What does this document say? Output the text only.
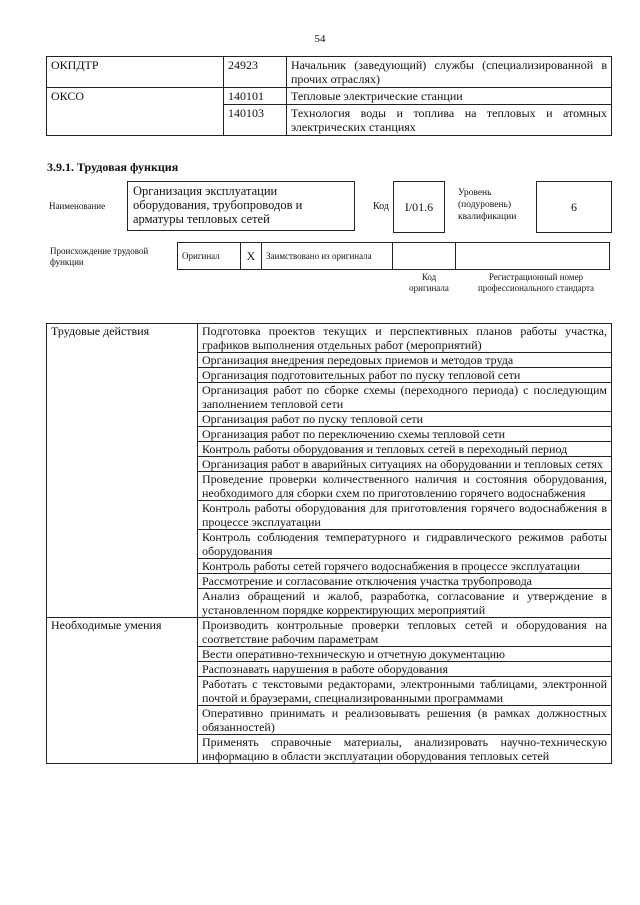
54
ОКПДТР	24923	Начальник (заведующий) службы (специализированной в прочих отраслях)
ОКСО	140101	Тепловые электрические станции
	140103	Технология воды и топлива на тепловых и атомных электрических станциях
3.9.1. Трудовая функция
Наименование
Организация эксплуатации оборудования, трубопроводов и арматуры тепловых сетей
Код	I/01.6
Уровень (подуровень) квалификации
6
Происхождение трудовой функции
Оригинал	X	Заимствовано из оригинала		
Код оригинала
Регистрационный номер профессионального стандарта
Трудовые действия	Подготовка проектов текущих и перспективных планов работы участка, графиков выполнения отдельных работ (мероприятий)
	Организация внедрения передовых приемов и методов труда
	Организация подготовительных работ по пуску тепловой сети
	Организация работ по сборке схемы (переходного периода) с последующим заполнением тепловой сети
	Организация работ по пуску тепловой сети
	Организация работ по переключению схемы тепловой сети
	Контроль работы оборудования и тепловых сетей в переходный период
	Организация работ в аварийных ситуациях на оборудовании и тепловых сетях
	Проведение проверки количественного наличия и состояния оборудования, необходимого для сборки схем по приготовлению горячего водоснабжения
	Контроль работы оборудования для приготовления горячего водоснабжения в процессе эксплуатации
	Контроль соблюдения температурного и гидравлического режимов работы оборудования
	Контроль работы сетей горячего водоснабжения в процессе эксплуатации
	Рассмотрение и согласование отключения участка трубопровода
	Анализ обращений и жалоб, разработка, согласование и утверждение в установленном порядке корректирующих мероприятий
Необходимые умения	Производить контрольные проверки тепловых сетей и оборудования на соответствие рабочим параметрам
	Вести оперативно-техническую и отчетную документацию
	Распознавать нарушения в работе оборудования
	Работать с текстовыми редакторами, электронными таблицами, электронной почтой и браузерами, специализированными программами
	Оперативно принимать и реализовывать решения (в рамках должностных обязанностей)
	Применять справочные материалы, анализировать научно-техническую информацию в области эксплуатации оборудования тепловых сетей
